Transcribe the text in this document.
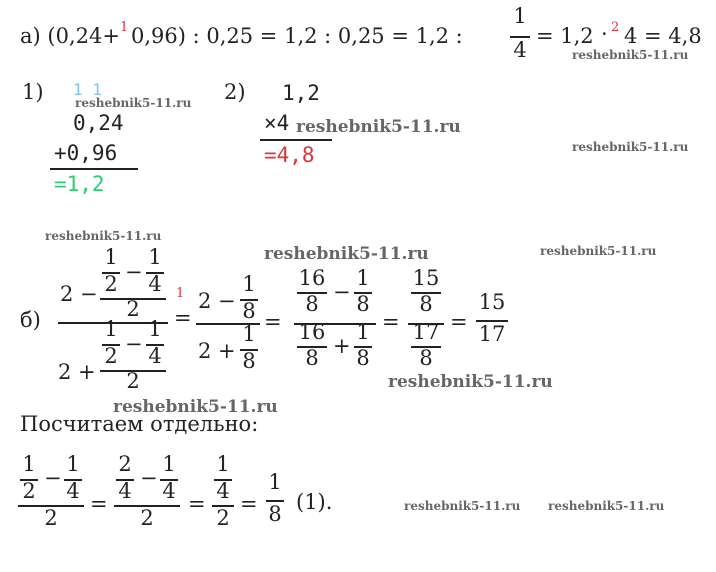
а) (0,24+ 1 0,96) : 0,25 = 1,2 : 0,25 = 1,2 :
1
4
= 1,2 · 2 4 = 4,8
1) 1 1
0,24
+0,96
=1,2
2) 1,2
×4
=4,8
б)
2 −
1
2 −
1
4
2
1
2 −
1
4
2 + 2
1
=
2 −
1
8
2 +
1
8
=
16
8 −
1
8
16
8 +
1
8
=
15
8
17
8
=
15
17
Посчитаем отдельно:
1
2
−
1
4
2
=
2
4
−
1
4
2
=
1
4
2
=
1
8 (1).
reshebnik5-11.ru
reshebnik5-11.ru
reshebnik5-11.ru
reshebnik5-11.ru
reshebnik5-11.ru
reshebnik5-11.ru	reshebnik5-11.ru
reshebnik5-11.ru
reshebnik5-11.ru
reshebnik5-11.ru reshebnik5-11.ru
